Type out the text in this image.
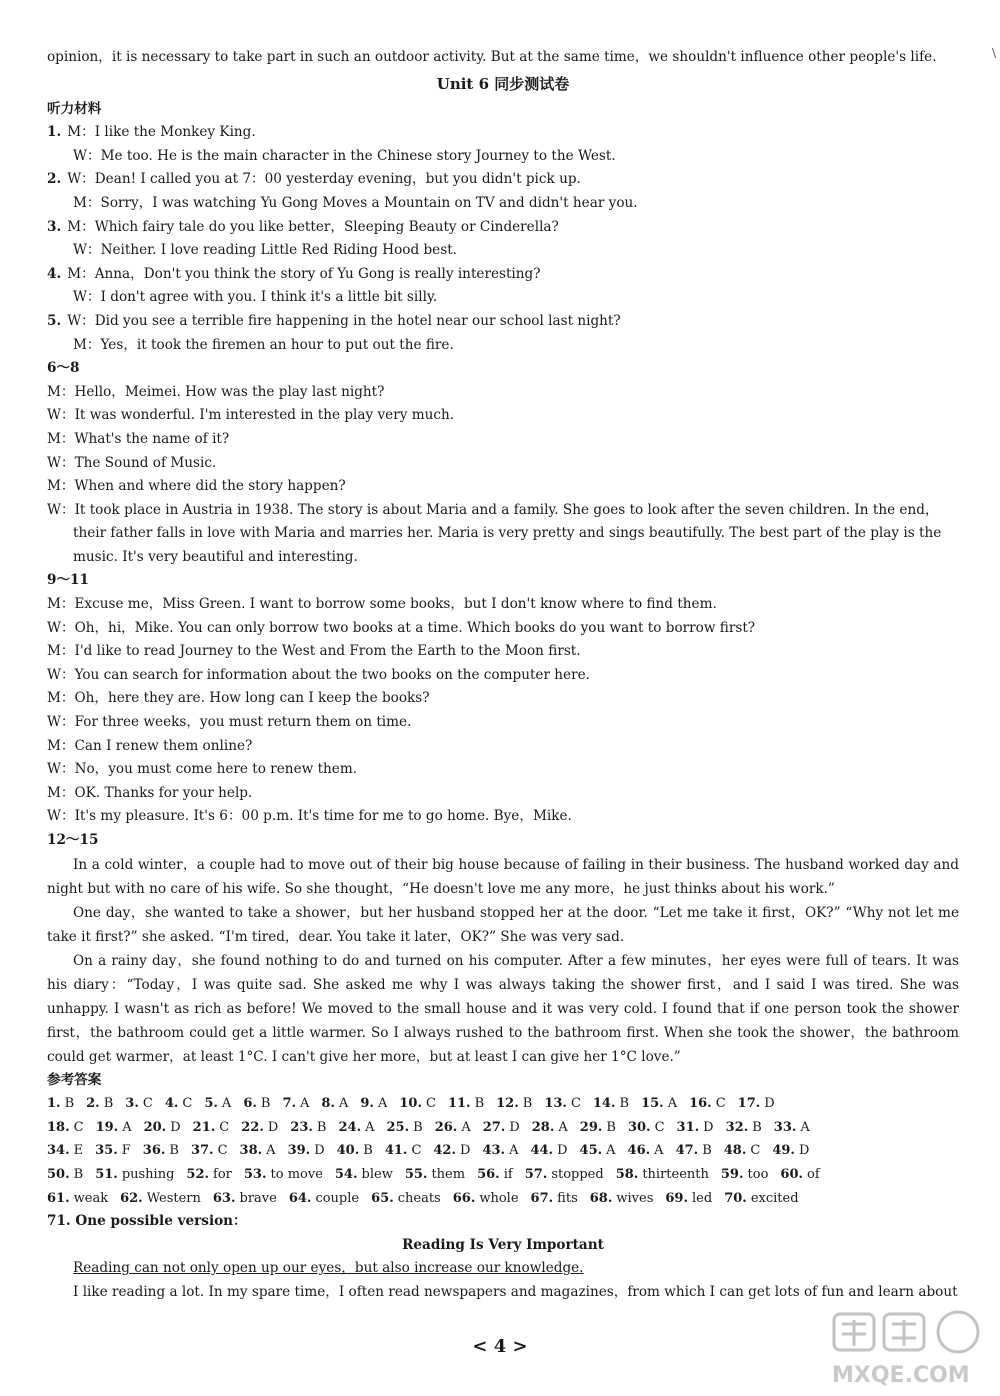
\
opinion，it is necessary to take part in such an outdoor activity. But at the same time，we shouldn't influence other people's life.
Unit 6 同步测试卷
听力材料
1. M：I like the Monkey King.
W：Me too. He is the main character in the Chinese story Journey to the West.
2. W：Dean! I called you at 7：00 yesterday evening，but you didn't pick up.
M：Sorry，I was watching Yu Gong Moves a Mountain on TV and didn't hear you.
3. M：Which fairy tale do you like better，Sleeping Beauty or Cinderella?
W：Neither. I love reading Little Red Riding Hood best.
4. M：Anna，Don't you think the story of Yu Gong is really interesting?
W：I don't agree with you. I think it's a little bit silly.
5. W：Did you see a terrible fire happening in the hotel near our school last night?
M：Yes，it took the firemen an hour to put out the fire.
6～8
M：Hello，Meimei. How was the play last night?
W：It was wonderful. I'm interested in the play very much.
M：What's the name of it?
W：The Sound of Music.
M：When and where did the story happen?
W：It took place in Austria in 1938. The story is about Maria and a family. She goes to look after the seven children. In the end，
their father falls in love with Maria and marries her. Maria is very pretty and sings beautifully. The best part of the play is the
music. It's very beautiful and interesting.
9～11
M：Excuse me，Miss Green. I want to borrow some books，but I don't know where to find them.
W：Oh，hi，Mike. You can only borrow two books at a time. Which books do you want to borrow first?
M：I'd like to read Journey to the West and From the Earth to the Moon first.
W：You can search for information about the two books on the computer here.
M：Oh，here they are. How long can I keep the books?
W：For three weeks，you must return them on time.
M：Can I renew them online?
W：No，you must come here to renew them.
M：OK. Thanks for your help.
W：It's my pleasure. It's 6：00 p.m. It's time for me to go home. Bye，Mike.
12～15
In a cold winter，a couple had to move out of their big house because of failing in their business. The husband worked day and night but with no care of his wife. So she thought，“He doesn't love me any more，he just thinks about his work.”
One day，she wanted to take a shower，but her husband stopped her at the door. “Let me take it first，OK?” “Why not let me take it first?” she asked. “I'm tired，dear. You take it later，OK?” She was very sad.
On a rainy day，she found nothing to do and turned on his computer. After a few minutes，her eyes were full of tears. It was his diary：“Today，I was quite sad. She asked me why I was always taking the shower first，and I said I was tired. She was unhappy. I wasn't as rich as before! We moved to the small house and it was very cold. I found that if one person took the shower first，the bathroom could get a little warmer. So I always rushed to the bathroom first. When she took the shower，the bathroom could get warmer，at least 1°C. I can't give her more，but at least I can give her 1°C love.”
参考答案
1. B 2. B 3. C 4. C 5. A 6. B 7. A 8. A 9. A 10. C 11. B 12. B 13. C 14. B 15. A 16. C 17. D
18. C 19. A 20. D 21. C 22. D 23. B 24. A 25. B 26. A 27. D 28. A 29. B 30. C 31. D 32. B 33. A
34. E 35. F 36. B 37. C 38. A 39. D 40. B 41. C 42. D 43. A 44. D 45. A 46. A 47. B 48. C 49. D
50. B 51. pushing 52. for 53. to move 54. blew 55. them 56. if 57. stopped 58. thirteenth 59. too 60. of
61. weak 62. Western 63. brave 64. couple 65. cheats 66. whole 67. fits 68. wives 69. led 70. excited
71. One possible version：
Reading Is Very Important
Reading can not only open up our eyes，but also increase our knowledge.
I like reading a lot. In my spare time，I often read newspapers and magazines，from which I can get lots of fun and learn about
< 4 >
MXQE.COM
